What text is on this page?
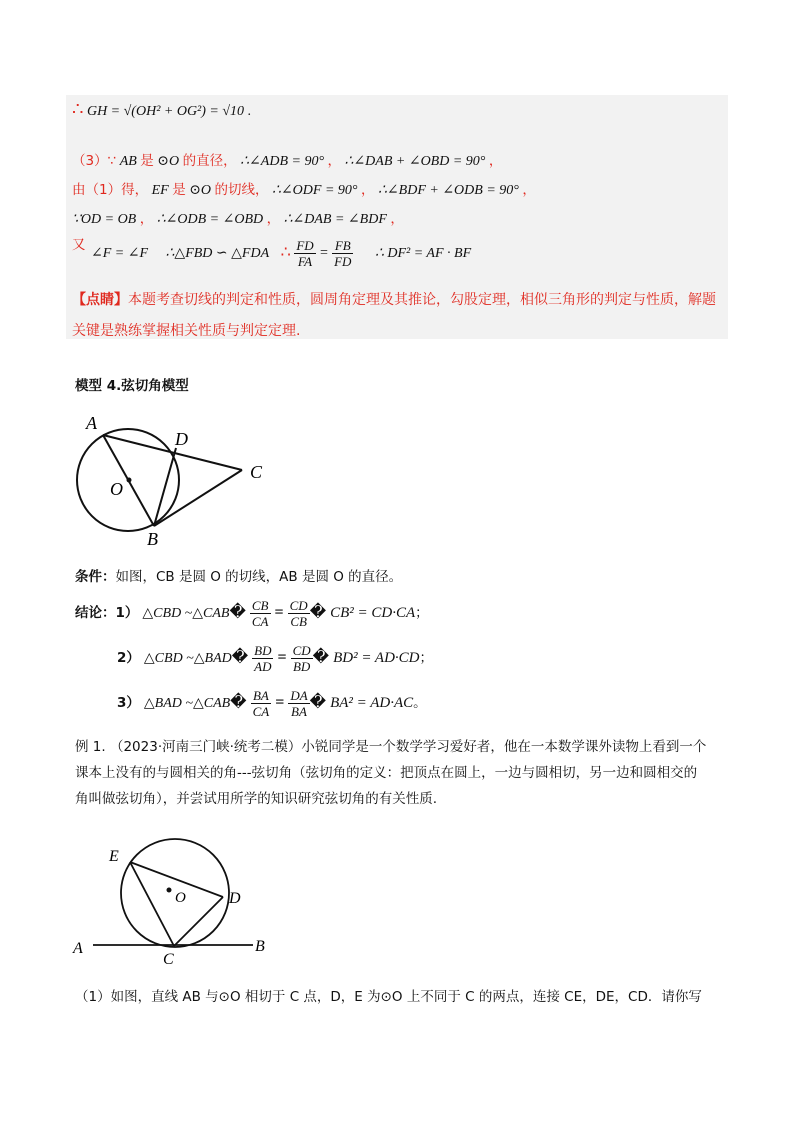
∴ GH = √(OH² + OG²) = √10 .
（3）∵ AB 是 ⊙O 的直径， ∴∠ADB = 90° ， ∴∠DAB + ∠OBD = 90° ，
由（1）得， EF 是 ⊙O 的切线， ∴∠ODF = 90° ， ∴∠BDF + ∠ODB = 90° ，
∵OD = OB ， ∴∠ODB = ∠OBD ， ∴∠DAB = ∠BDF ，
又 ∠F = ∠F ∴△FBD ∽ △FDA ∴ $\frac{FD}{FA} = \frac{FB}{FD}$ ∴ DF² = AF · BF
【点睛】本题考查切线的判定和性质，圆周角定理及其推论，勾股定理，相似三角形的判定与性质，解题
关键是熟练掌握相关性质与判定定理.
模型 4.弦切角模型
A
D
C
O
B
条件：如图，CB 是圆 O 的切线，AB 是圆 O 的直径。
结论：1） △CBD ~△CAB� $\frac{CB}{CA} = \frac{CD}{CB}$ � CB² = CD·CA；
2） △CBD ~△BAD� $\frac{BD}{AD} = \frac{CD}{BD}$ � BD² = AD·CD；
3） △BAD ~△CAB� $\frac{BA}{CA} = \frac{DA}{BA}$ � BA² = AD·AC。
例 1. （2023·河南三门峡·统考二模）小锐同学是一个数学学习爱好者，他在一本数学课外读物上看到一个
课本上没有的与圆相关的角---弦切角（弦切角的定义：把顶点在圆上，一边与圆相切，另一边和圆相交的
角叫做弦切角），并尝试用所学的知识研究弦切角的有关性质.
E
O	D
A	B
C
（1）如图，直线 AB 与⊙O 相切于 C 点，D，E 为⊙O 上不同于 C 的两点，连接 CE，DE，CD．请你写
